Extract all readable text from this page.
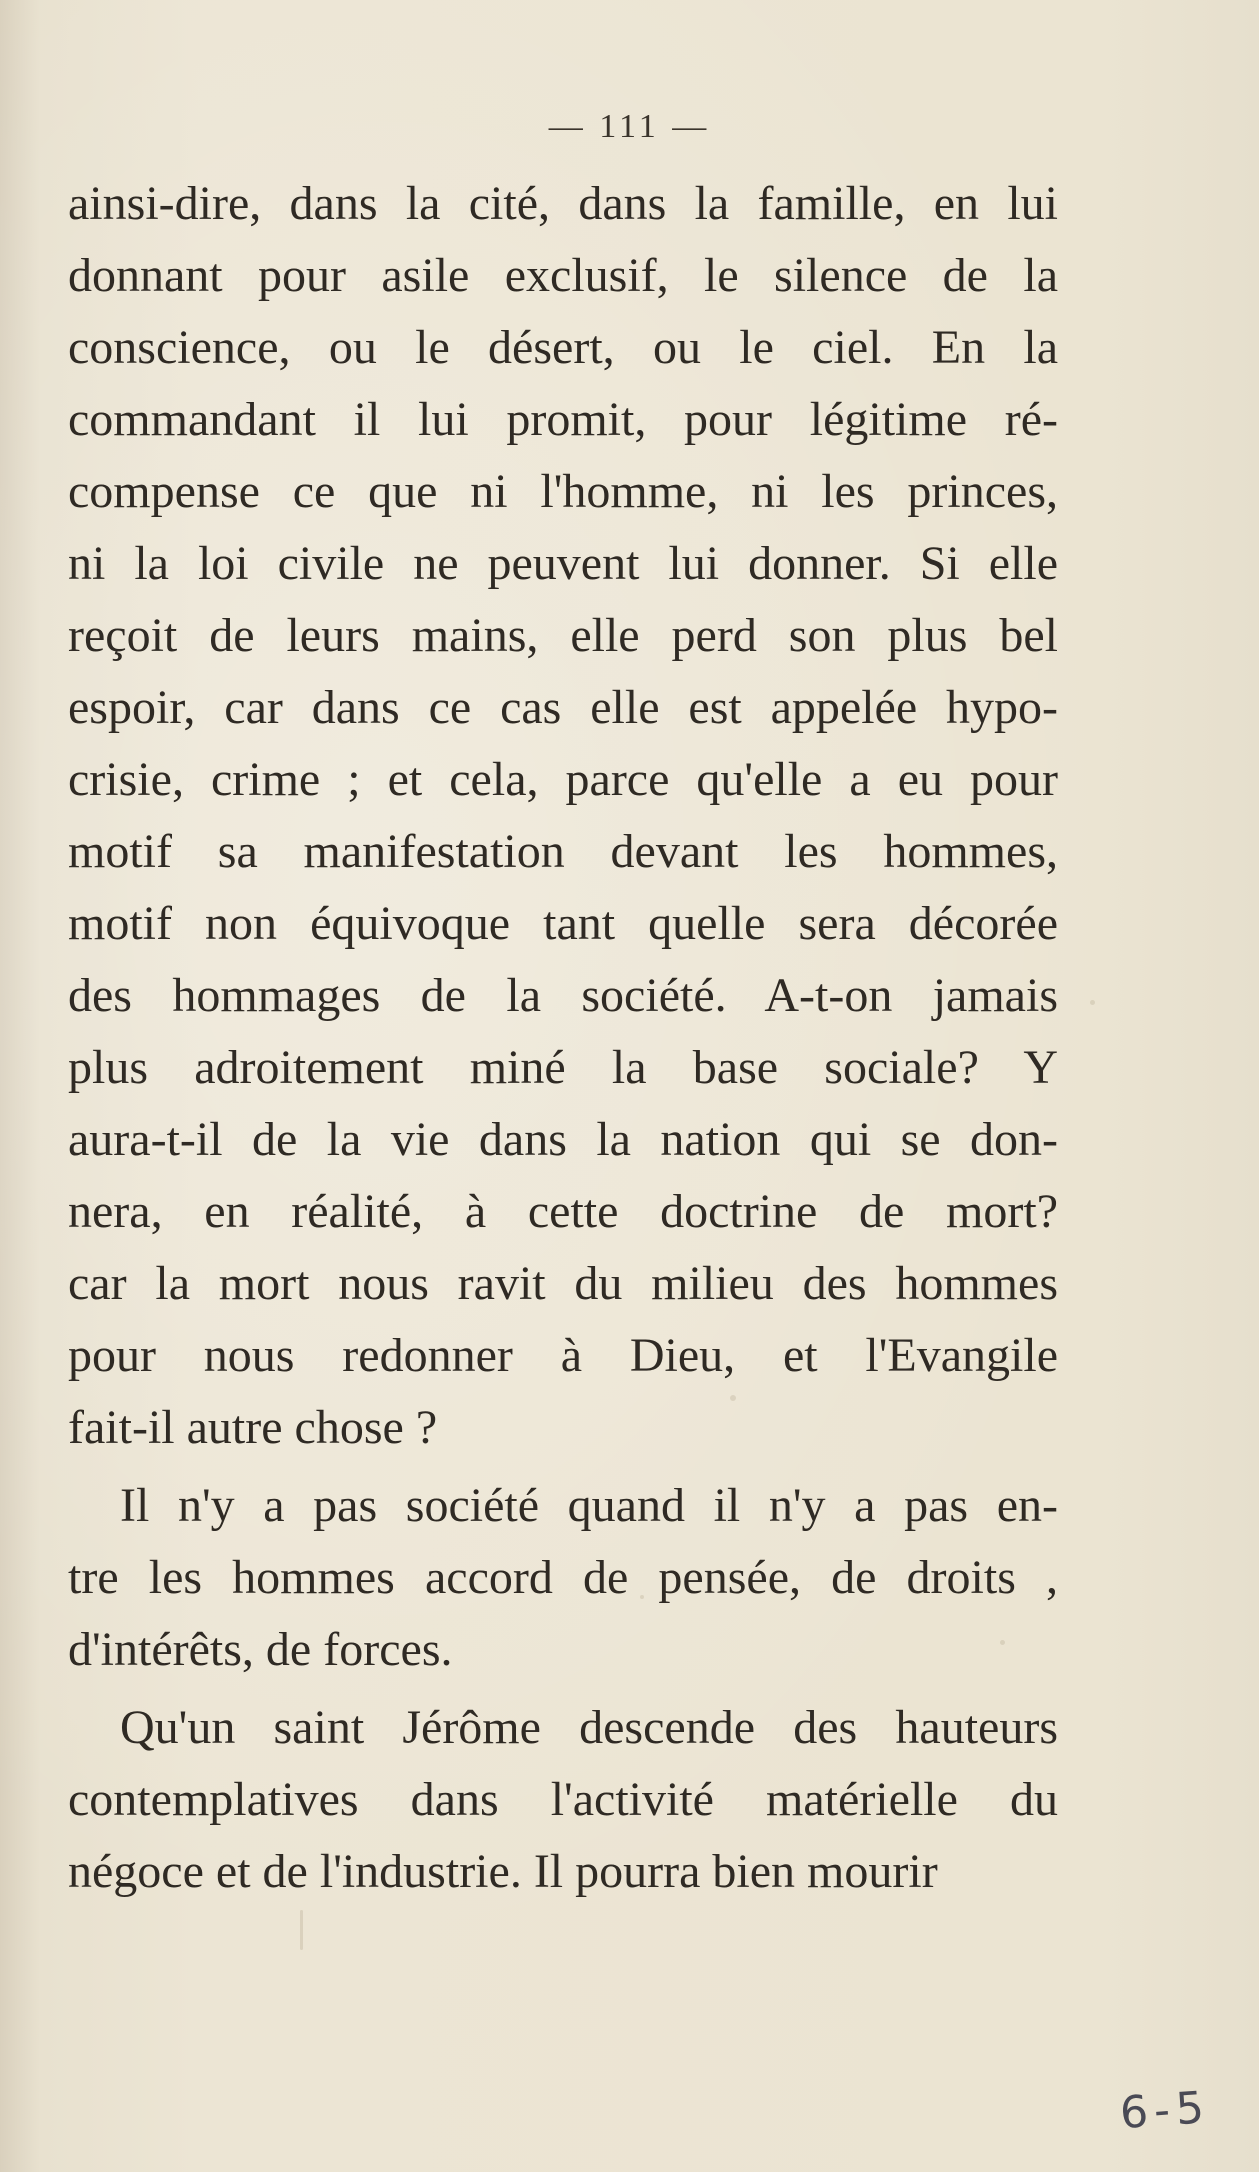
— 111 —
ainsi-dire, dans la cité, dans la famille, en lui
donnant pour asile exclusif, le silence de la
conscience, ou le désert, ou le ciel. En la
commandant il lui promit, pour légitime ré-
compense ce que ni l'homme, ni les princes,
ni la loi civile ne peuvent lui donner. Si elle
reçoit de leurs mains, elle perd son plus bel
espoir, car dans ce cas elle est appelée hypo-
crisie, crime ; et cela, parce qu'elle a eu pour
motif sa manifestation devant les hommes,
motif non équivoque tant quelle sera décorée
des hommages de la société. A-t-on jamais
plus adroitement miné la base sociale? Y
aura-t-il de la vie dans la nation qui se don-
nera, en réalité, à cette doctrine de mort?
car la mort nous ravit du milieu des hommes
pour nous redonner à Dieu, et l'Evangile
fait-il autre chose ?
Il n'y a pas société quand il n'y a pas en-
tre les hommes accord de pensée, de droits ,
d'intérêts, de forces.
Qu'un saint Jérôme descende des hauteurs
contemplatives dans l'activité matérielle du
négoce et de l'industrie. Il pourra bien mourir
6-5
